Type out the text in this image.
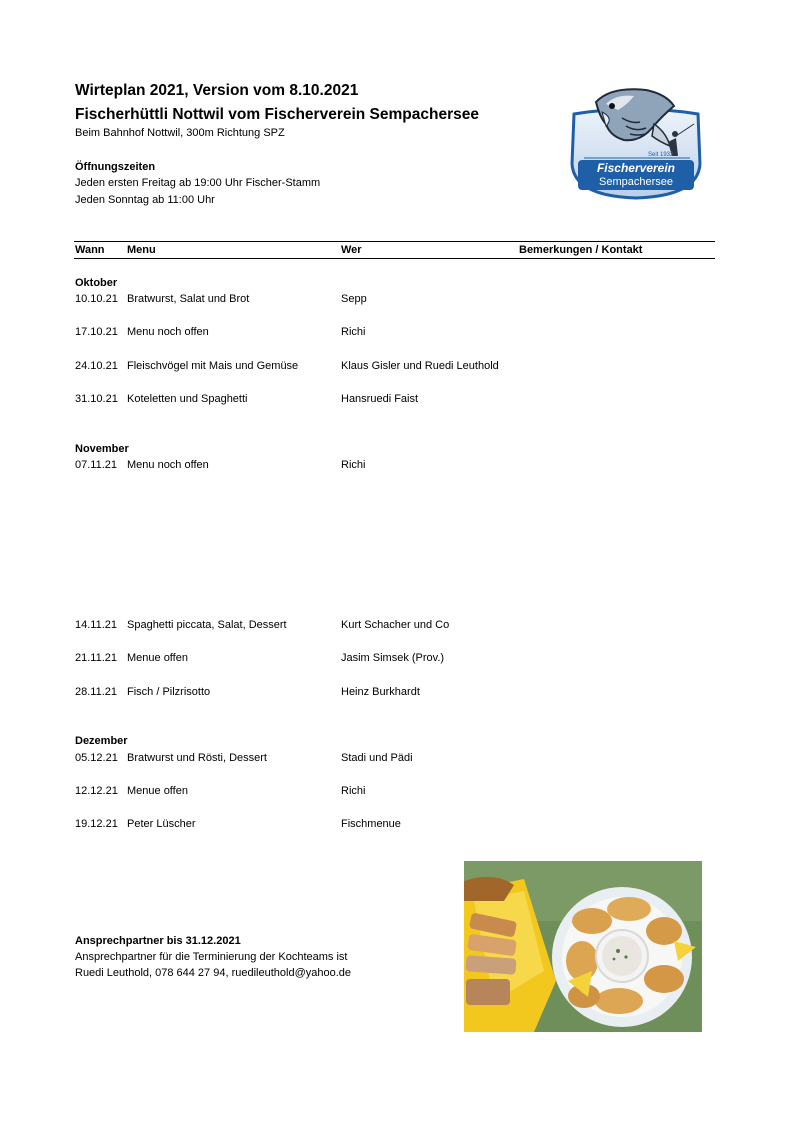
Wirteplan 2021, Version vom 8.10.2021
Fischerhüttli Nottwil vom Fischerverein Sempachersee
Beim Bahnhof Nottwil, 300m Richtung SPZ
Öffnungszeiten
Jeden ersten Freitag ab 19:00 Uhr Fischer-Stamm
Jeden Sonntag ab 11:00 Uhr
Seit 1932
Fischerverein
Sempachersee
Wann Menu	Wer	Bemerkungen / Kontakt
Oktober
10.10.21 Bratwurst, Salat und Brot	Sepp
17.10.21 Menu noch offen	Richi
24.10.21 Fleischvögel mit Mais und Gemüse	Klaus Gisler und Ruedi Leuthold
31.10.21 Koteletten und Spaghetti	Hansruedi Faist
November
07.11.21 Menu noch offen	Richi
14.11.21 Spaghetti piccata, Salat, Dessert	Kurt Schacher und Co
21.11.21 Menue offen	Jasim Simsek (Prov.)
28.11.21 Fisch / Pilzrisotto	Heinz Burkhardt
Dezember
05.12.21 Bratwurst und Rösti, Dessert	Stadi und Pädi
12.12.21 Menue offen	Richi
19.12.21 Peter Lüscher	Fischmenue
Ansprechpartner bis 31.12.2021
Ansprechpartner für die Terminierung der Kochteams ist
Ruedi Leuthold, 078 644 27 94, ruedileuthold@yahoo.de
